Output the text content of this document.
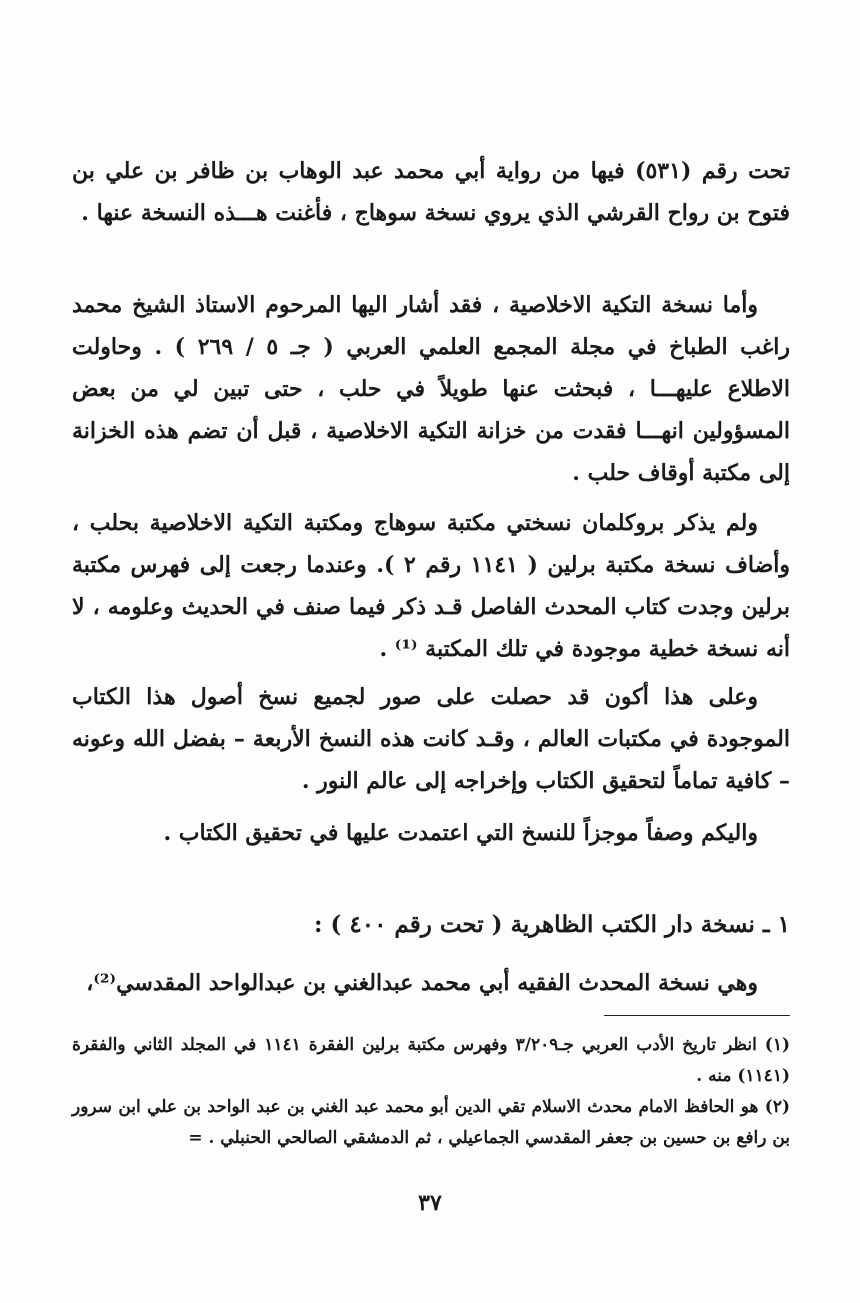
تحت رقم (٥٣١) فيها من رواية أبي محمد عبد الوهاب بن ظافر بن علي بن فتوح بن رواح القرشي الذي يروي نسخة سوهاج ، فأغنت هـــذه النسخة عنها .

وأما نسخة التكية الاخلاصية ، فقد أشار اليها المرحوم الاستاذ الشيخ محمد راغب الطباخ في مجلة المجمع العلمي العربي ( جـ ٥ / ٢٦٩ ) . وحاولت الاطلاع عليهـــا ، فبحثت عنها طويلاً في حلب ، حتى تبين لي من بعض المسؤولين انهـــا فقدت من خزانة التكية الاخلاصية ، قبل أن تضم هذه الخزانة إلى مكتبة أوقاف حلب .

ولم يذكر بروكلمان نسختي مكتبة سوهاج ومكتبة التكية الاخلاصية بحلب ، وأضاف نسخة مكتبة برلين ( ١١٤١ رقم ٢ ). وعندما رجعت إلى فهرس مكتبة برلين وجدت كتاب المحدث الفاصل قـد ذكر فيما صنف في الحديث وعلومه ، لا أنه نسخة خطية موجودة في تلك المكتبة ⁽¹⁾ .

وعلى هذا أكون قد حصلت على صور لجميع نسخ أصول هذا الكتاب الموجودة في مكتبات العالم ، وقـد كانت هذه النسخ الأربعة – بفضل الله وعونه – كافية تماماً لتحقيق الكتاب وإخراجه إلى عالم النور .

واليكم وصفاً موجزاً للنسخ التي اعتمدت عليها في تحقيق الكتاب .

١ ـ نسخة دار الكتب الظاهرية ( تحت رقم ٤٠٠ ) :

وهي نسخة المحدث الفقيه أبي محمد عبدالغني بن عبدالواحد المقدسي⁽²⁾،

(١) انظر تاريخ الأدب العربي جـ٣/٢٠٩ وفهرس مكتبة برلين الفقرة ١١٤١ في المجلد الثاني والفقرة (١١٤١) منه .

(٢) هو الحافظ الامام محدث الاسلام تقي الدين أبو محمد عبد الغني بن عبد الواحد بن علي ابن سرور بن رافع بن حسين بن جعفر المقدسي الجماعيلي ، ثم الدمشقي الصالحي الحنبلي . =

٣٧
